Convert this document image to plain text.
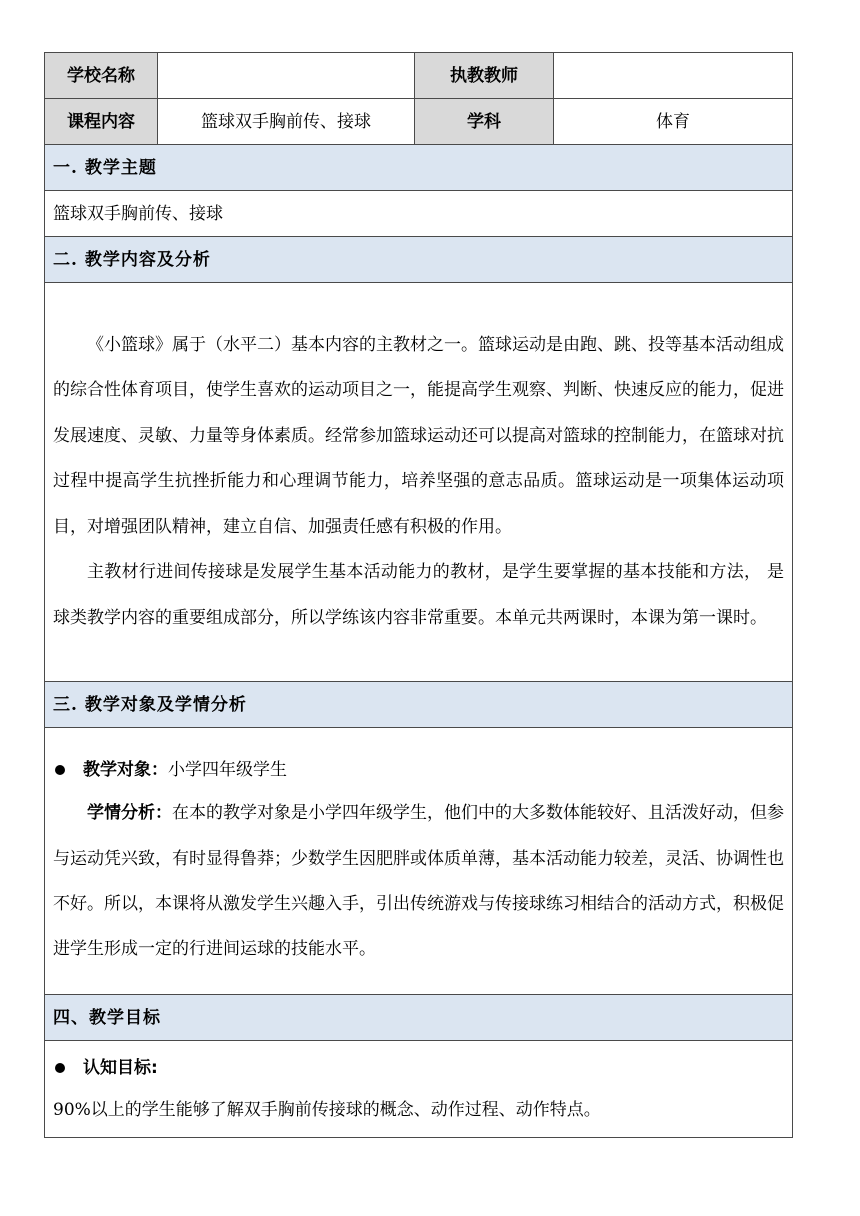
学校名称		执教教师	
课程内容	篮球双手胸前传、接球	学科	体育
一. 教学主题			
篮球双手胸前传、接球			
二. 教学内容及分析			

《小篮球》属于（水平二）基本内容的主教材之一。篮球运动是由跑、跳、投等基本活动组成的综合性体育项目，使学生喜欢的运动项目之一，能提高学生观察、判断、快速反应的能力，促进发展速度、灵敏、力量等身体素质。经常参加篮球运动还可以提高对篮球的控制能力，在篮球对抗过程中提高学生抗挫折能力和心理调节能力，培养坚强的意志品质。篮球运动是一项集体运动项目，对增强团队精神，建立自信、加强责任感有积极的作用。

主教材行进间传接球是发展学生基本活动能力的教材，是学生要掌握的基本技能和方法， 是球类教学内容的重要组成部分，所以学练该内容非常重要。本单元共两课时，本课为第一课时。			

三. 教学对象及学情分析			

教学对象：小学四年级学生

学情分析：在本的教学对象是小学四年级学生，他们中的大多数体能较好、且活泼好动，但参与运动凭兴致，有时显得鲁莽；少数学生因肥胖或体质单薄，基本活动能力较差，灵活、协调性也不好。所以，本课将从激发学生兴趣入手，引出传统游戏与传接球练习相结合的活动方式，积极促进学生形成一定的行进间运球的技能水平。			

四、教学目标			

认知目标:

90%以上的学生能够了解双手胸前传接球的概念、动作过程、动作特点。			
